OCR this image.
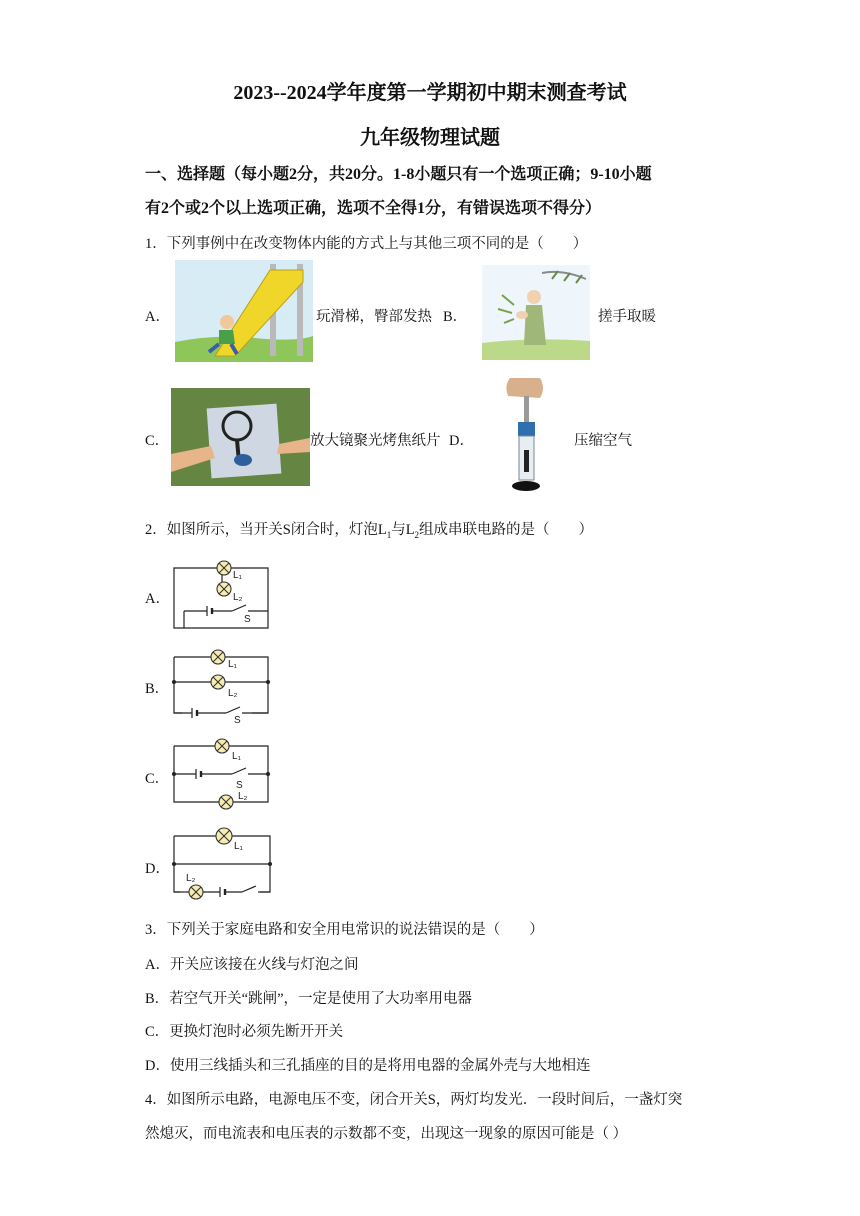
2023--2024学年度第一学期初中期末测查考试
九年级物理试题
一、选择题（每小题2分，共20分。1-8小题只有一个选项正确；9-10小题
有2个或2个以上选项正确，选项不全得1分，有错误选项不得分）
1．下列事例中在改变物体内能的方式上与其他三项不同的是（　　）
A．	玩滑梯，臀部发热 B．	搓手取暖
C．	放大镜聚光烤焦纸片 D．	压缩空气
2．如图所示，当开关S闭合时，灯泡$L_1$与$L_2$组成串联电路的是（　　）
A．
L₁
L₂
S
B．
L₁
L₂
S
C．
L₁
S
L₂
D．
L₁
L₂
3．下列关于家庭电路和安全用电常识的说法错误的是（　　）
A．开关应该接在火线与灯泡之间
B．若空气开关“跳闸”，一定是使用了大功率用电器
C．更换灯泡时必须先断开开关
D．使用三线插头和三孔插座的目的是将用电器的金属外壳与大地相连
4．如图所示电路，电源电压不变，闭合开关S，两灯均发光．一段时间后，一盏灯突
然熄灭，而电流表和电压表的示数都不变，出现这一现象的原因可能是（ ）
